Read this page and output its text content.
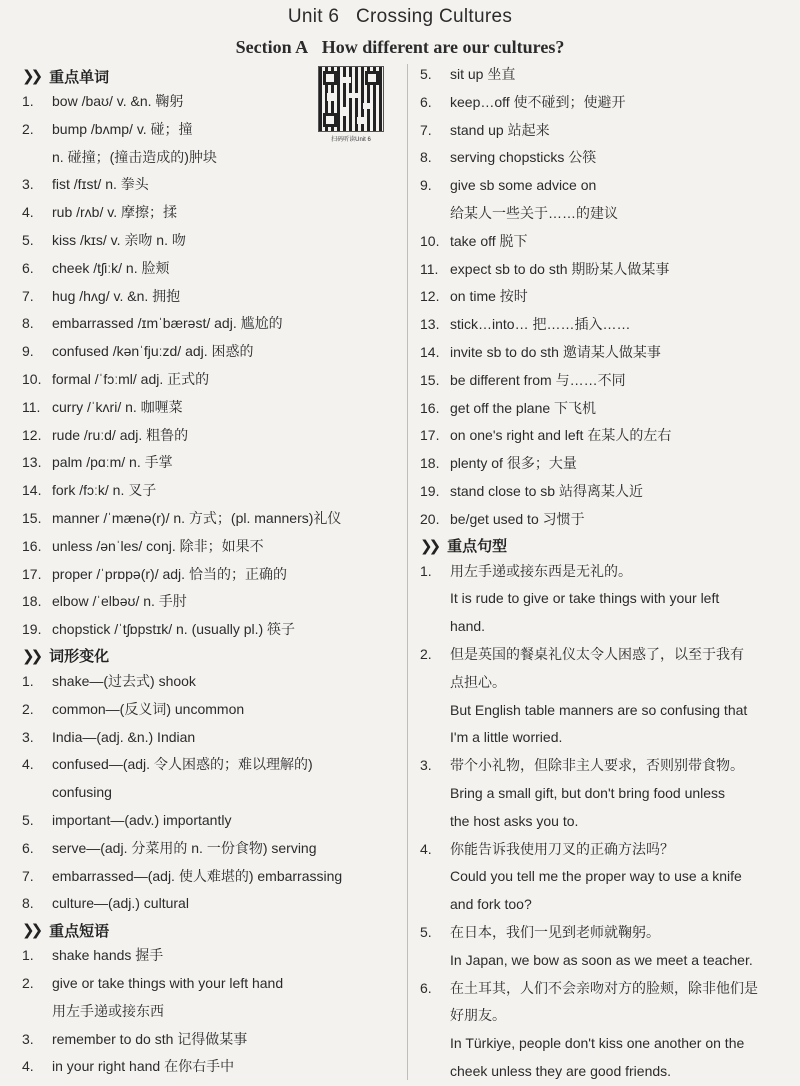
Unit 6 Crossing Cultures
Section A How different are our cultures?
扫码听读Unit 6
❯❯ 重点单词
1.	bow /baʊ/ v. &n. 鞠躬
2.	bump /bʌmp/ v. 碰；撞
n. 碰撞；(撞击造成的)肿块
3.	fist /fɪst/ n. 拳头
4.	rub /rʌb/ v. 摩擦；揉
5.	kiss /kɪs/ v. 亲吻 n. 吻
6.	cheek /tʃiːk/ n. 脸颊
7.	hug /hʌɡ/ v. &n. 拥抱
8.	embarrassed /ɪmˈbærəst/ adj. 尴尬的
9.	confused /kənˈfjuːzd/ adj. 困惑的
10. formal /ˈfɔːml/ adj. 正式的
11. curry /ˈkʌri/ n. 咖喱菜
12. rude /ruːd/ adj. 粗鲁的
13. palm /pɑːm/ n. 手掌
14. fork /fɔːk/ n. 叉子
15. manner /ˈmænə(r)/ n. 方式；(pl. manners)礼仪
16. unless /ənˈles/ conj. 除非；如果不
17. proper /ˈprɒpə(r)/ adj. 恰当的；正确的
18. elbow /ˈelbəʊ/ n. 手肘
19. chopstick /ˈtʃɒpstɪk/ n. (usually pl.) 筷子
❯❯ 词形变化
1.	shake—(过去式) shook
2.	common—(反义词) uncommon
3.	India—(adj. &n.) Indian
4.	confused—(adj. 令人困惑的；难以理解的)
confusing
5.	important—(adv.) importantly
6.	serve—(adj. 分菜用的 n. 一份食物) serving
7.	embarrassed—(adj. 使人难堪的) embarrassing
8.	culture—(adj.) cultural
❯❯ 重点短语
1.	shake hands 握手
2.	give or take things with your left hand
用左手递或接东西
3.	remember to do sth 记得做某事
4.	in your right hand 在你右手中
5.	sit up 坐直
6.	keep…off 使不碰到；使避开
7.	stand up 站起来
8.	serving chopsticks 公筷
9.	give sb some advice on
给某人一些关于……的建议
10. take off 脱下
11. expect sb to do sth 期盼某人做某事
12. on time 按时
13. stick…into… 把……插入……
14. invite sb to do sth 邀请某人做某事
15. be different from 与……不同
16. get off the plane 下飞机
17. on one's right and left 在某人的左右
18. plenty of 很多；大量
19. stand close to sb 站得离某人近
20. be/get used to 习惯于
❯❯ 重点句型
1.	用左手递或接东西是无礼的。
It is rude to give or take things with your left
hand.
2.	但是英国的餐桌礼仪太令人困惑了，以至于我有
点担心。
But English table manners are so confusing that
I'm a little worried.
3.	带个小礼物，但除非主人要求，否则别带食物。
Bring a small gift, but don't bring food unless
the host asks you to.
4.	你能告诉我使用刀叉的正确方法吗？
Could you tell me the proper way to use a knife
and fork too?
5.	在日本，我们一见到老师就鞠躬。
In Japan, we bow as soon as we meet a teacher.
6.	在土耳其，人们不会亲吻对方的脸颊，除非他们是
好朋友。
In Türkiye, people don't kiss one another on the
cheek unless they are good friends.
